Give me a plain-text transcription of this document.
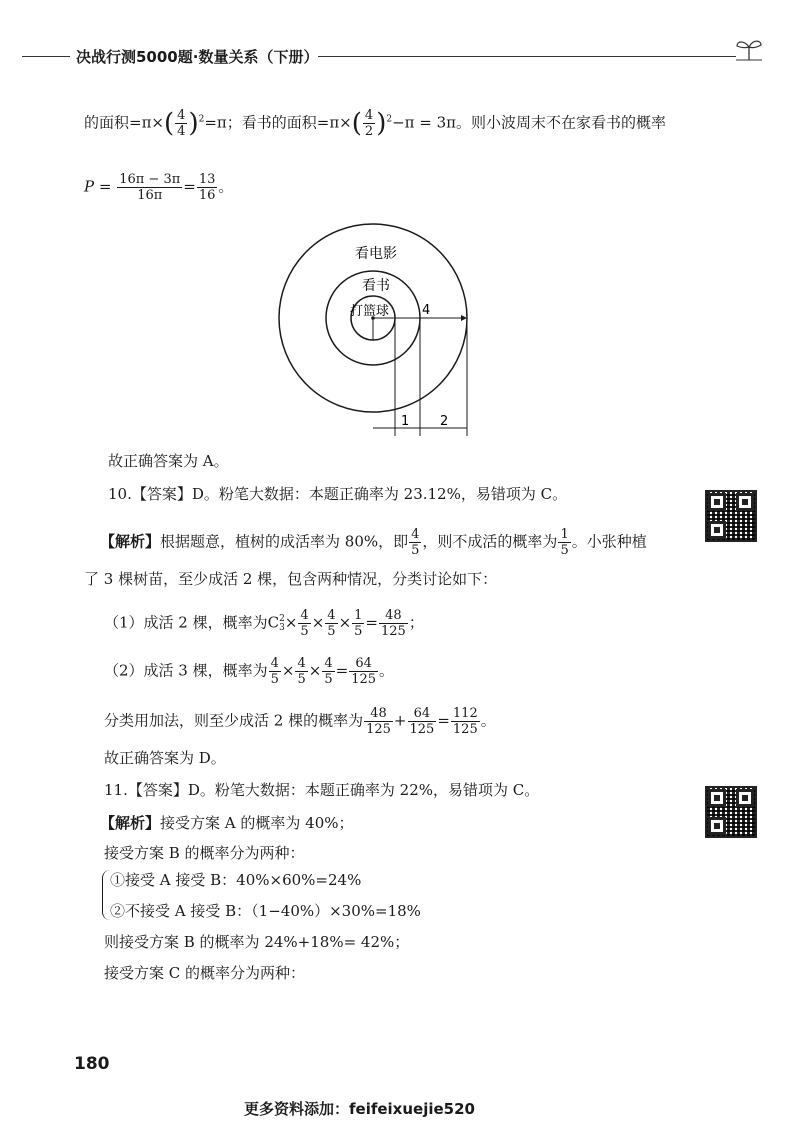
决战行测5000题·数量关系（下册）
的面积$=\pi\times( \frac{4}{4} )^2=\pi$；看书的面积$=\pi\times( \frac{4}{2} )^2-\pi = 3\pi$。则小波周末不在家看书的概率
$P = \frac{16\pi - 3\pi}{16\pi} = \frac{13}{16}$ 。
看电影
看书
打篮球	4
1 2
故正确答案为 A。
10.【答案】D。粉笔大数据：本题正确率为 23.12%，易错项为 C。
【解析】根据题意，植树的成活率为 80%，即 $\frac{4}{5}$ ，则不成活的概率为 $\frac{1}{5}$ 。小张种植
了 3 棵树苗，至少成活 2 棵，包含两种情况，分类讨论如下：
（1）成活 2 棵，概率为C 2
$3 \times \frac{4}{5} \times \frac{4}{5} \times \frac{1}{5} = \frac{48}{125}$ ；
（2）成活 3 棵，概率为 $\frac{4}{5} \times \frac{4}{5} \times \frac{4}{5} = \frac{64}{125}$ 。
分类用加法，则至少成活 2 棵的概率为 $\frac{48}{125} + \frac{64}{125} = \frac{112}{125}$ 。
故正确答案为 D。
11.【答案】D。粉笔大数据：本题正确率为 22%，易错项为 C。
【解析】接受方案 A 的概率为 40%；
接受方案 B 的概率分为两种：
①接受 A 接受 B：40%×60%=24%
②不接受 A 接受 B：（1−40%）×30%=18%
则接受方案 B 的概率为 24%+18%= 42%；
接受方案 C 的概率分为两种：
180
更多资料添加：feifeixuejie520
